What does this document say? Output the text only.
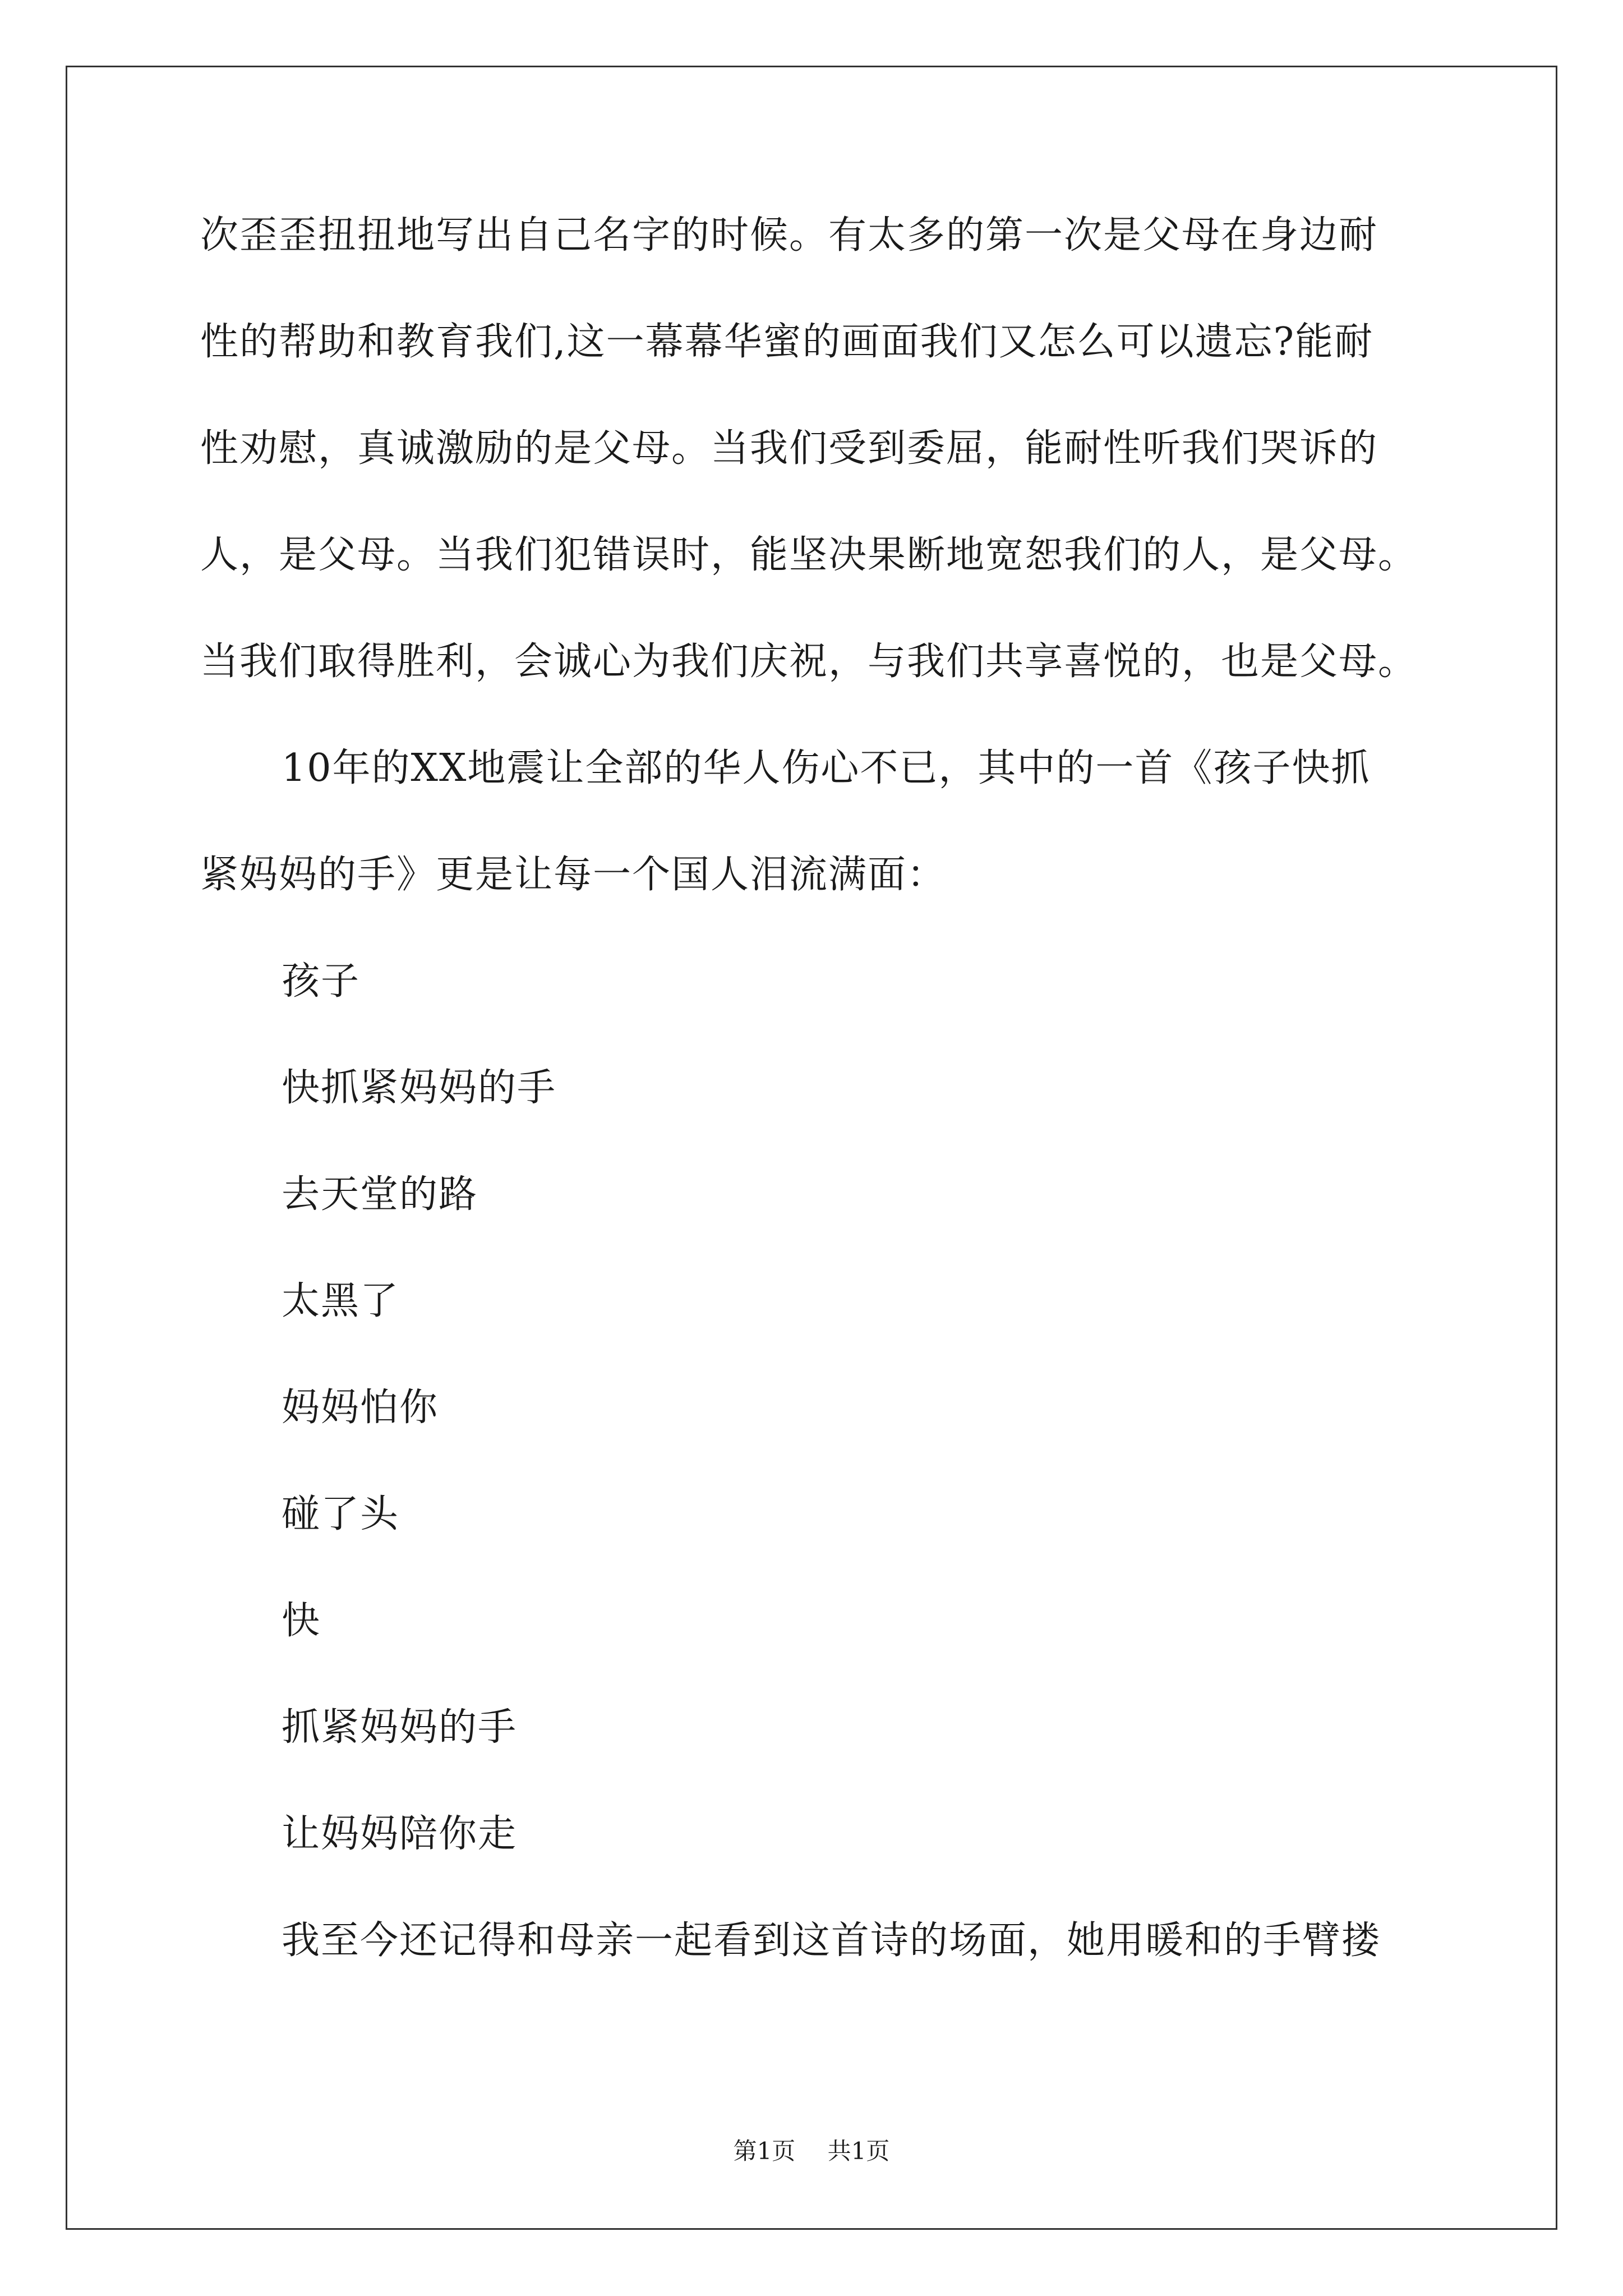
次歪歪扭扭地写出自己名字的时候。有太多的第一次是父母在身边耐
性的帮助和教育我们,这一幕幕华蜜的画面我们又怎么可以遗忘?能耐
性劝慰，真诚激励的是父母。当我们受到委屈，能耐性听我们哭诉的
人，是父母。当我们犯错误时，能坚决果断地宽恕我们的人，是父母。
当我们取得胜利，会诚心为我们庆祝，与我们共享喜悦的，也是父母。
10年的XX地震让全部的华人伤心不已，其中的一首《孩子快抓
紧妈妈的手》更是让每一个国人泪流满面：
孩子
快抓紧妈妈的手
去天堂的路
太黑了
妈妈怕你
碰了头
快
抓紧妈妈的手
让妈妈陪你走
我至今还记得和母亲一起看到这首诗的场面，她用暖和的手臂搂
第1页 共1页
